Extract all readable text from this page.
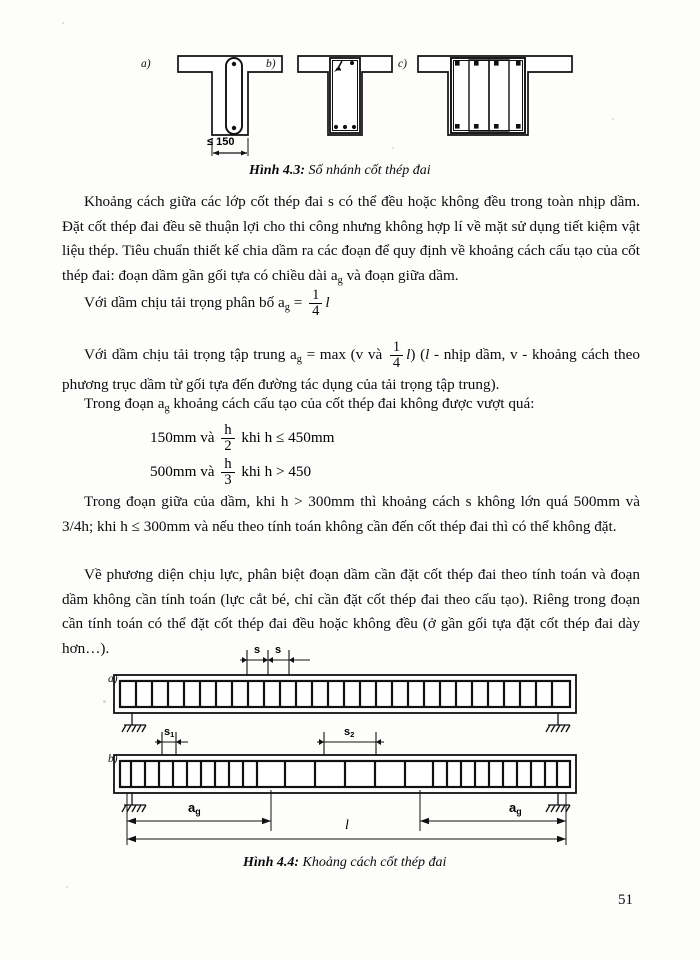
a)	b)	c)
≤ 150
Hình 4.3: Số nhánh cốt thép đai
Khoảng cách giữa các lớp cốt thép đai s có thể đều hoặc không đều trong toàn nhịp dầm. Đặt cốt thép đai đều sẽ thuận lợi cho thi công nhưng không hợp lí về mặt sử dụng tiết kiệm vật liệu thép. Tiêu chuẩn thiết kế chia dầm ra các đoạn để quy định về khoảng cách cấu tạo của cốt thép đai: đoạn dầm gần gối tựa có chiều dài $a_g$ và đoạn giữa dầm.
Với dầm chịu tải trọng phân bố $a_g = \frac{1}{4}$ l
Với dầm chịu tải trọng tập trung $a_g = \max (v$ và $\frac{1}{4} l$) (l - nhịp dầm, v - khoảng cách theo phương trục dầm từ gối tựa đến đường tác dụng của tải trọng tập trung).
Trong đoạn $a_g$ khoảng cách cấu tạo của cốt thép đai không được vượt quá:
150mm và $\frac{h}{2}$ khi h ≤ 450mm
500mm và $\frac{h}{3}$ khi h > 450
Trong đoạn giữa của dầm, khi h > 300mm thì khoảng cách s không lớn quá 500mm và 3/4h; khi h ≤ 300mm và nếu theo tính toán không cần đến cốt thép đai thì có thể không đặt.
Về phương diện chịu lực, phân biệt đoạn dầm cần đặt cốt thép đai theo tính toán và đoạn dầm không cần tính toán (lực cắt bé, chỉ cần đặt cốt thép đai theo cấu tạo). Riêng trong đoạn cần tính toán có thể đặt cốt thép đai đều hoặc không đều (ở gần gối tựa đặt cốt thép đai dày hơn…).
a)
b)
s s
$s_1$	$s_2$
$a_g$	$a_g$
l
Hình 4.4: Khoảng cách cốt thép đai
51
